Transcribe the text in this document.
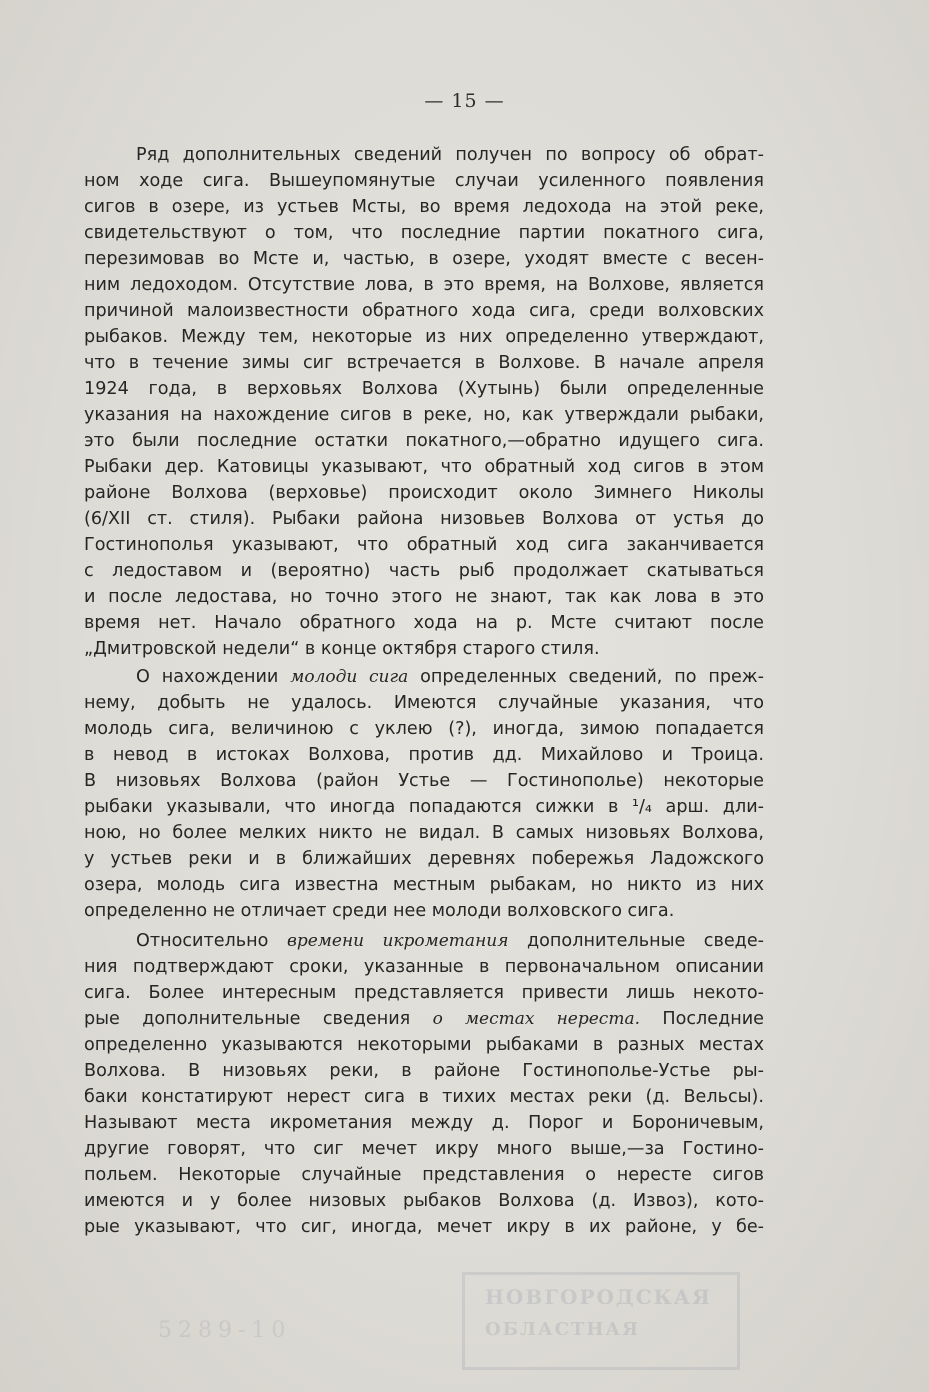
— 15 —
Ряд дополнительных сведений получен по вопросу об обрат-
ном ходе сига. Вышеупомянутые случаи усиленного появления
сигов в озере, из устьев Мсты, во время ледохода на этой реке,
свидетельствуют о том, что последние партии покатного сига,
перезимовав во Мсте и, частью, в озере, уходят вместе с весен-
ним ледоходом. Отсутствие лова, в это время, на Волхове, является
причиной малоизвестности обратного хода сига, среди волховских
рыбаков. Между тем, некоторые из них определенно утверждают,
что в течение зимы сиг встречается в Волхове. В начале апреля
1924 года, в верховьях Волхова (Хутынь) были определенные
указания на нахождение сигов в реке, но, как утверждали рыбаки,
это были последние остатки покатного,—обратно идущего сига.
Рыбаки дер. Катовицы указывают, что обратный ход сигов в этом
районе Волхова (верховье) происходит около Зимнего Николы
(6/XII ст. стиля). Рыбаки района низовьев Волхова от устья до
Гостинополья указывают, что обратный ход сига заканчивается
с ледоставом и (вероятно) часть рыб продолжает скатываться
и после ледостава, но точно этого не знают, так как лова в это
время нет. Начало обратного хода на р. Мсте считают после
„Дмитровской недели“ в конце октября старого стиля.
О нахождении молоди сига определенных сведений, по преж-
нему, добыть не удалось. Имеются случайные указания, что
молодь сига, величиною с уклею (?), иногда, зимою попадается
в невод в истоках Волхова, против дд. Михайлово и Троица.
В низовьях Волхова (район Устье — Гостинополье) некоторые
рыбаки указывали, что иногда попадаются сижки в ¹/₄ арш. дли-
ною, но более мелких никто не видал. В самых низовьях Волхова,
у устьев реки и в ближайших деревнях побережья Ладожского
озера, молодь сига известна местным рыбакам, но никто из них
определенно не отличает среди нее молоди волховского сига.
Относительно времени икрометания дополнительные сведе-
ния подтверждают сроки, указанные в первоначальном описании
сига. Более интересным представляется привести лишь некото-
рые дополнительные сведения о местах нереста. Последние
определенно указываются некоторыми рыбаками в разных местах
Волхова. В низовьях реки, в районе Гостинополье-Устье ры-
баки констатируют нерест сига в тихих местах реки (д. Вельсы).
Называют места икрометания между д. Порог и Бороничевым,
другие говорят, что сиг мечет икру много выше,—за Гостино-
польем. Некоторые случайные представления о нересте сигов
имеются и у более низовых рыбаков Волхова (д. Извоз), кото-
рые указывают, что сиг, иногда, мечет икру в их районе, у бе-
НОВГОРОДСКАЯ
ОБЛАСТНАЯ
5289-10
